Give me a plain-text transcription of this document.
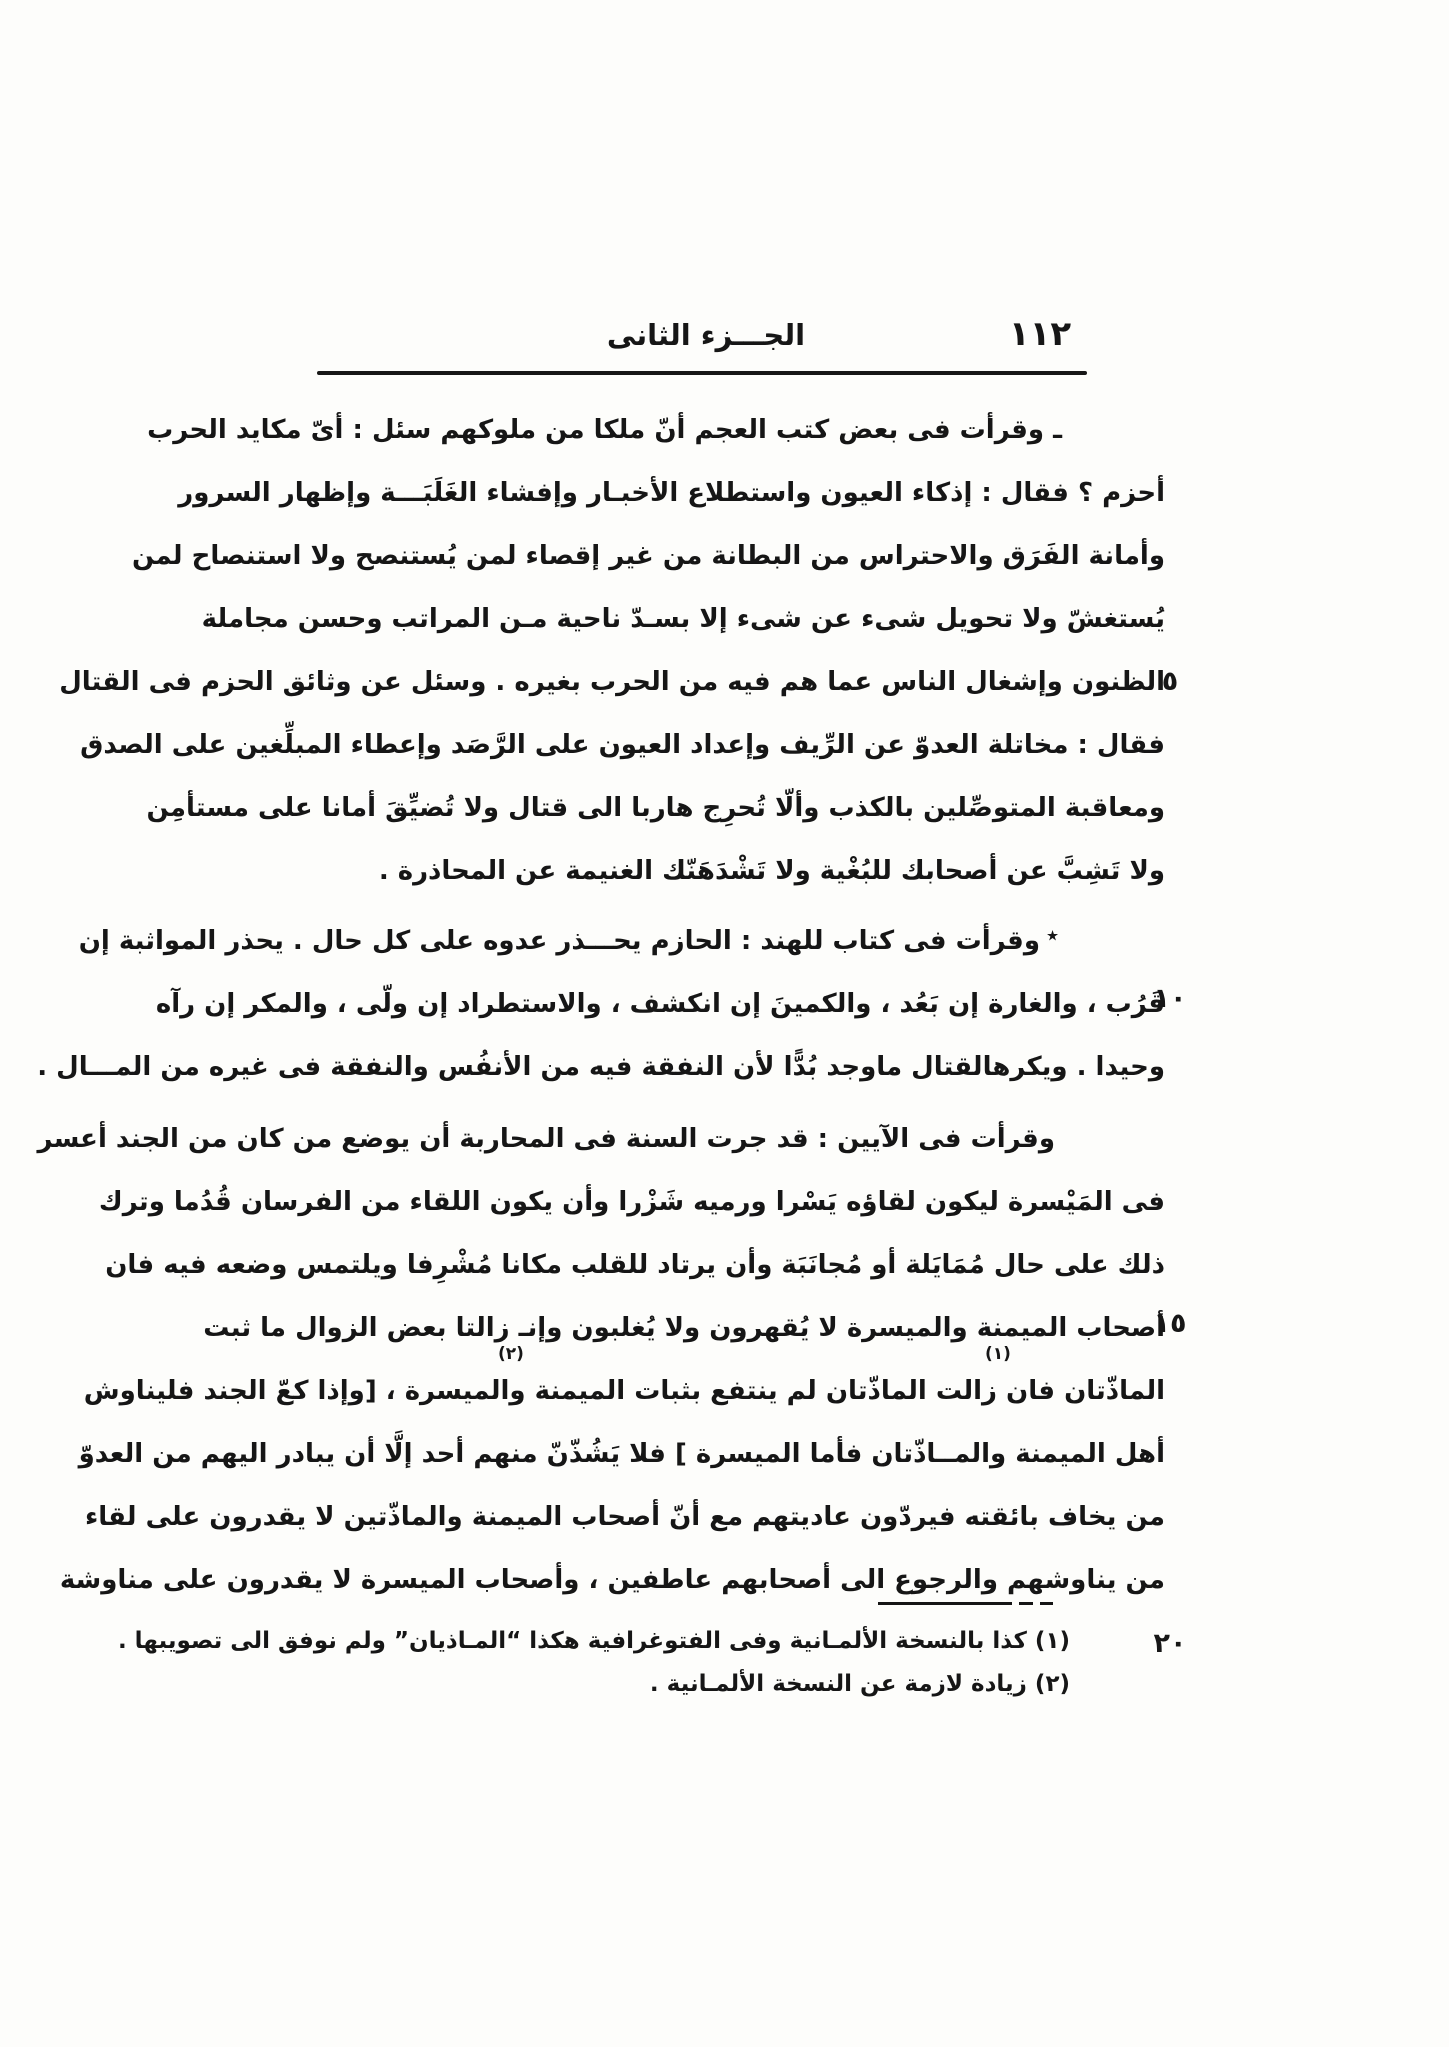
الجـــزء الثانى	١١٢
ـ وقرأت فى بعض كتب العجم أنّ ملكا من ملوكهم سئل : أىّ مكايد الحرب
أحزم ؟ فقال : إذكاء العيون واستطلاع الأخبـار وإفشاء الغَلَبَـــة وإظهار السرور
وأمانة الفَرَق والاحتراس من البطانة من غير إقصاء لمن يُستنصح ولا استنصاح لمن
يُستغشّ ولا تحويل شىء عن شىء إلا بسـدّ ناحية مـن المراتب وحسن مجاملة
الظنون وإشغال الناس عما هم فيه من الحرب بغيره . وسئل عن وثائق الحزم فى القتال
فقال : مخاتلة العدوّ عن الرِّيف وإعداد العيون على الرَّصَد وإعطاء المبلِّغين على الصدق
ومعاقبة المتوصِّلين بالكذب وألّا تُحرِج هاربا الى قتال ولا تُضيِّقَ أمانا على مستأمِن
ولا تَشِبَّ عن أصحابك للبُغْية ولا تَشْدَهَنّك الغنيمة عن المحاذرة .
وقرأت فى كتاب للهند : الحازم يحـــذر عدوه على كل حال . يحذر المواثبة إن
قَرُب ، والغارة إن بَعُد ، والكمينَ إن انكشف ، والاستطراد إن ولّى ، والمكر إن رآه
وحيدا . ويكرهالقتال ماوجد بُدًّا لأن النفقة فيه من الأنفُس والنفقة فى غيره من المـــال .
وقرأت فى الآيين : قد جرت السنة فى المحاربة أن يوضع من كان من الجند أعسر
فى المَيْسرة ليكون لقاؤه يَسْرا ورميه شَزْرا وأن يكون اللقاء من الفرسان قُدُما وترك
ذلك على حال مُمَايَلة أو مُجانَبَة وأن يرتاد للقلب مكانا مُشْرِفا ويلتمس وضعه فيه فان
أصحاب الميمنة والميسرة لا يُقهرون ولا يُغلبون وإنـ زالتا بعض الزوال ما ثبت
الماذّتان فان زالت الماذّتان لم ينتفع بثبات الميمنة والميسرة ، [وإذا كعّ الجند فليناوش
أهل الميمنة والمــاذّتان فأما الميسرة ] فلا يَشُذّنّ منهم أحد إلَّا أن يبادر اليهم من العدوّ
من يخاف بائقته فيردّون عاديتهم مع أنّ أصحاب الميمنة والماذّتين لا يقدرون على لقاء
من يناوشهم والرجوع الى أصحابهم عاطفين ، وأصحاب الميسرة لا يقدرون على مناوشة
٭
(١)
(٢)
٥
١٠
١٥
٢٠
(١) كذا بالنسخة الألمـانية وفى الفتوغرافية هكذا “المـاذيان” ولم نوفق الى تصويبها .
(٢) زيادة لازمة عن النسخة الألمـانية .
